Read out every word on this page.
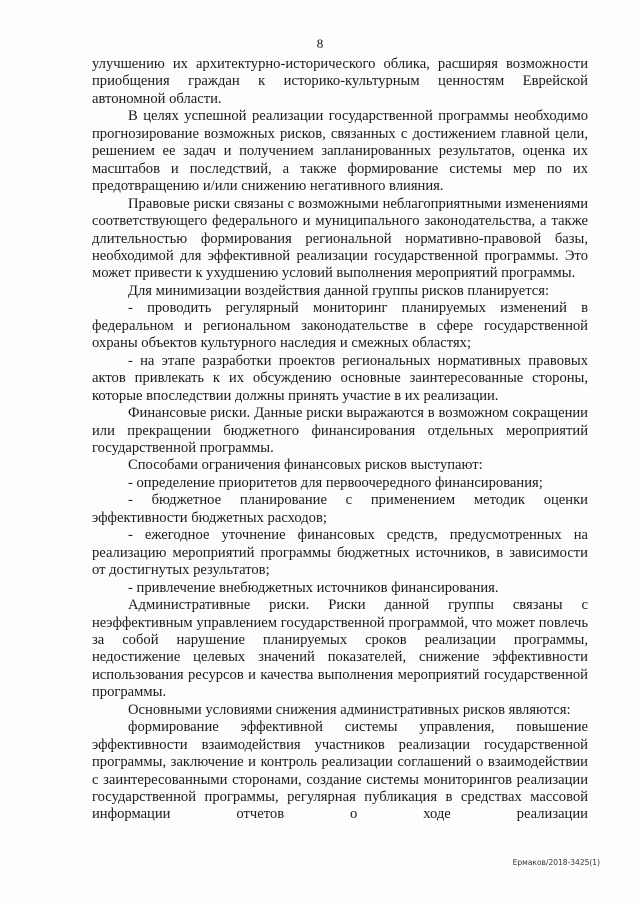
8

улучшению их архитектурно-исторического облика, расширяя возможности приобщения граждан к историко-культурным ценностям Еврейской автономной области.

В целях успешной реализации государственной программы необходимо прогнозирование возможных рисков, связанных с достижением главной цели, решением ее задач и получением запланированных результатов, оценка их масштабов и последствий, а также формирование системы мер по их предотвращению и/или снижению негативного влияния.

Правовые риски связаны с возможными неблагоприятными изменениями соответствующего федерального и муниципального законодательства, а также длительностью формирования региональной нормативно-правовой базы, необходимой для эффективной реализации государственной программы. Это может привести к ухудшению условий выполнения мероприятий программы.

Для минимизации воздействия данной группы рисков планируется:

- проводить регулярный мониторинг планируемых изменений в федеральном и региональном законодательстве в сфере государственной охраны объектов культурного наследия и смежных областях;

- на этапе разработки проектов региональных нормативных правовых актов привлекать к их обсуждению основные заинтересованные стороны, которые впоследствии должны принять участие в их реализации.

Финансовые риски. Данные риски выражаются в возможном сокращении или прекращении бюджетного финансирования отдельных мероприятий государственной программы.

Способами ограничения финансовых рисков выступают:

- определение приоритетов для первоочередного финансирования;

- бюджетное планирование с применением методик оценки эффективности бюджетных расходов;

- ежегодное уточнение финансовых средств, предусмотренных на реализацию мероприятий программы бюджетных источников, в зависимости от достигнутых результатов;

- привлечение внебюджетных источников финансирования.

Административные риски. Риски данной группы связаны с неэффективным управлением государственной программой, что может повлечь за собой нарушение планируемых сроков реализации программы, недостижение целевых значений показателей, снижение эффективности использования ресурсов и качества выполнения мероприятий государственной программы.

Основными условиями снижения административных рисков являются:

формирование эффективной системы управления, повышение эффективности взаимодействия участников реализации государственной программы, заключение и контроль реализации соглашений о взаимодействии с заинтересованными сторонами, создание системы мониторингов реализации государственной программы, регулярная публикация в средствах массовой информации отчетов о ходе реализации

Ермаков/2018-3425(1)
